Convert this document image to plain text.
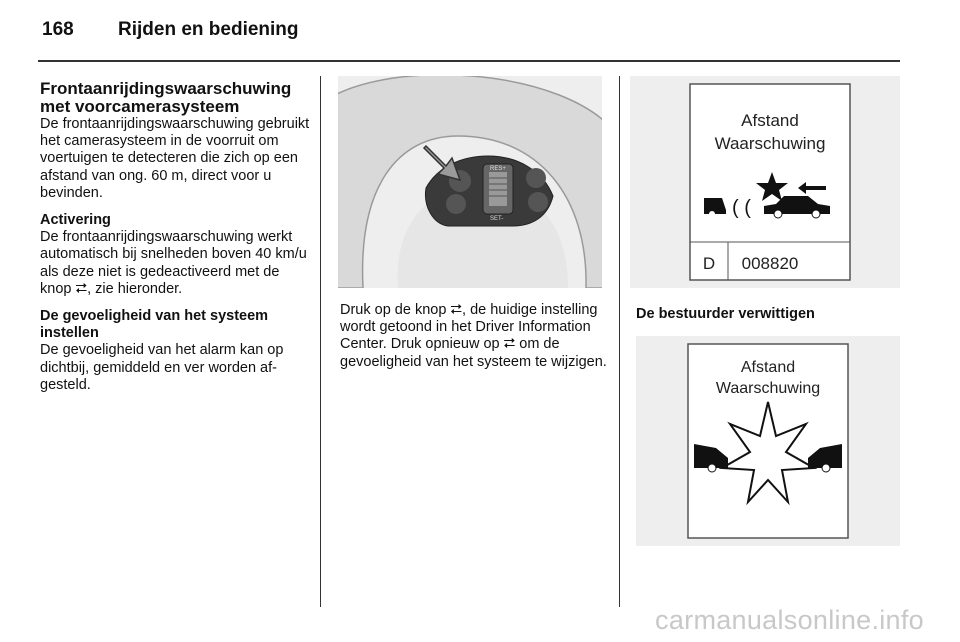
168 Rijden en bediening

Frontaanrijdingswaarschuwing met voorcamerasysteem

De frontaanrijdingswaarschuwing gebruikt het camerasysteem in de voorruit om voertuigen te detecteren die zich op een afstand van ong. 60 m, direct voor u bevinden.

Activering

De frontaanrijdingswaarschuwing werkt automatisch bij snelheden boven 40 km/u als deze niet is gedeactiveerd met de knop ⮂, zie hieronder.

De gevoeligheid van het systeem instellen

De gevoeligheid van het alarm kan op dichtbij, gemiddeld en ver worden afgesteld.

RES+
SET-
Druk op de knop ⮂, de huidige instelling wordt getoond in het Driver Information Center. Druk opnieuw op ⮂ om de gevoeligheid van het systeem te wijzigen.
Afstand
Waarschuwing
( (
D 008820
De bestuurder verwittigen
Afstand
Waarschuwing
carmanualsonline.info
